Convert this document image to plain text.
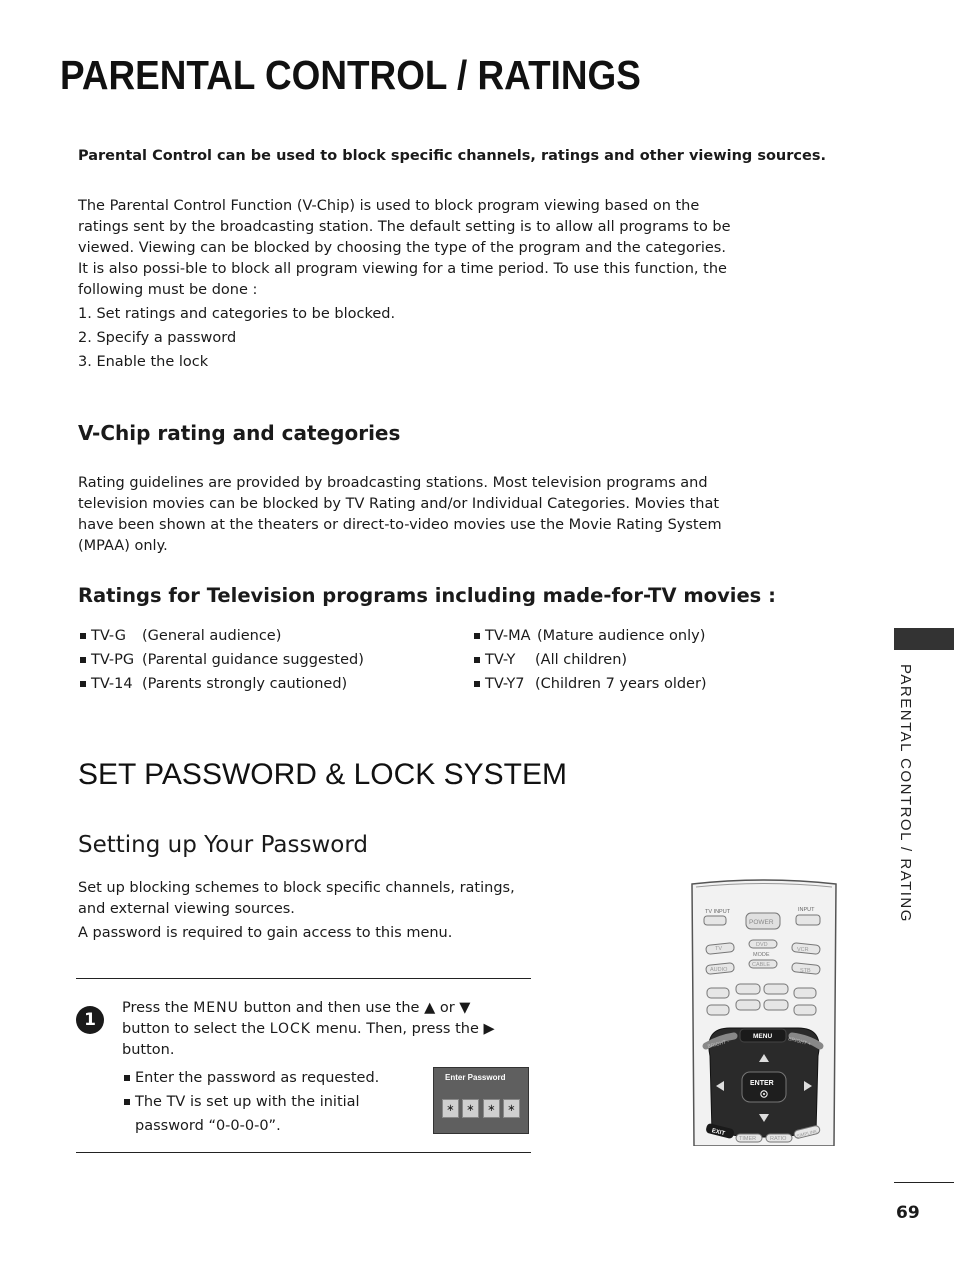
PARENTAL CONTROL / RATINGS
Parental Control can be used to block specific channels, ratings and other viewing sources.
The Parental Control Function (V-Chip) is used to block program viewing based on the ratings sent by the broadcasting station. The default setting is to allow all programs to be viewed. Viewing can be blocked by choosing the type of the program and the categories. It is also possi-ble to block all program viewing for a time period. To use this function, the following must be done :
1. Set ratings and categories to be blocked.
2. Specify a password
3. Enable the lock
V-Chip rating and categories
Rating guidelines are provided by broadcasting stations. Most television programs and television movies can be blocked by TV Rating and/or Individual Categories. Movies that have been shown at the theaters or direct-to-video movies use the Movie Rating System (MPAA) only.
Ratings for Television programs including made-for-TV movies :
TV-G	(General audience)
TV-PG (Parental guidance suggested)
TV-14 (Parents strongly cautioned)
TV-MA (Mature audience only)
TV-Y	(All children)
TV-Y7 (Children 7 years older)
SET PASSWORD & LOCK SYSTEM
Setting up Your Password
Set up blocking schemes to block specific channels, ratings, and external viewing sources.
A password is required to gain access to this menu.
1
Press the MENU button and then use the ▲ or ▼ button to select the LOCK menu. Then, press the ▶ button.
Enter the password as requested.
The TV is set up with the initial password “0-0-0-0”.
Enter Password
∗	∗	∗	∗
TV INPUT	INPUT
POWER
TV
DVD
MODE
VCR
AUDIO
CABLE
STB
MENU
BRIGHT -	BRIGHT +
ENTER
EXIT
TIMER	RATIO
SIMPLINK
PARENTAL CONTROL / RATING
69
